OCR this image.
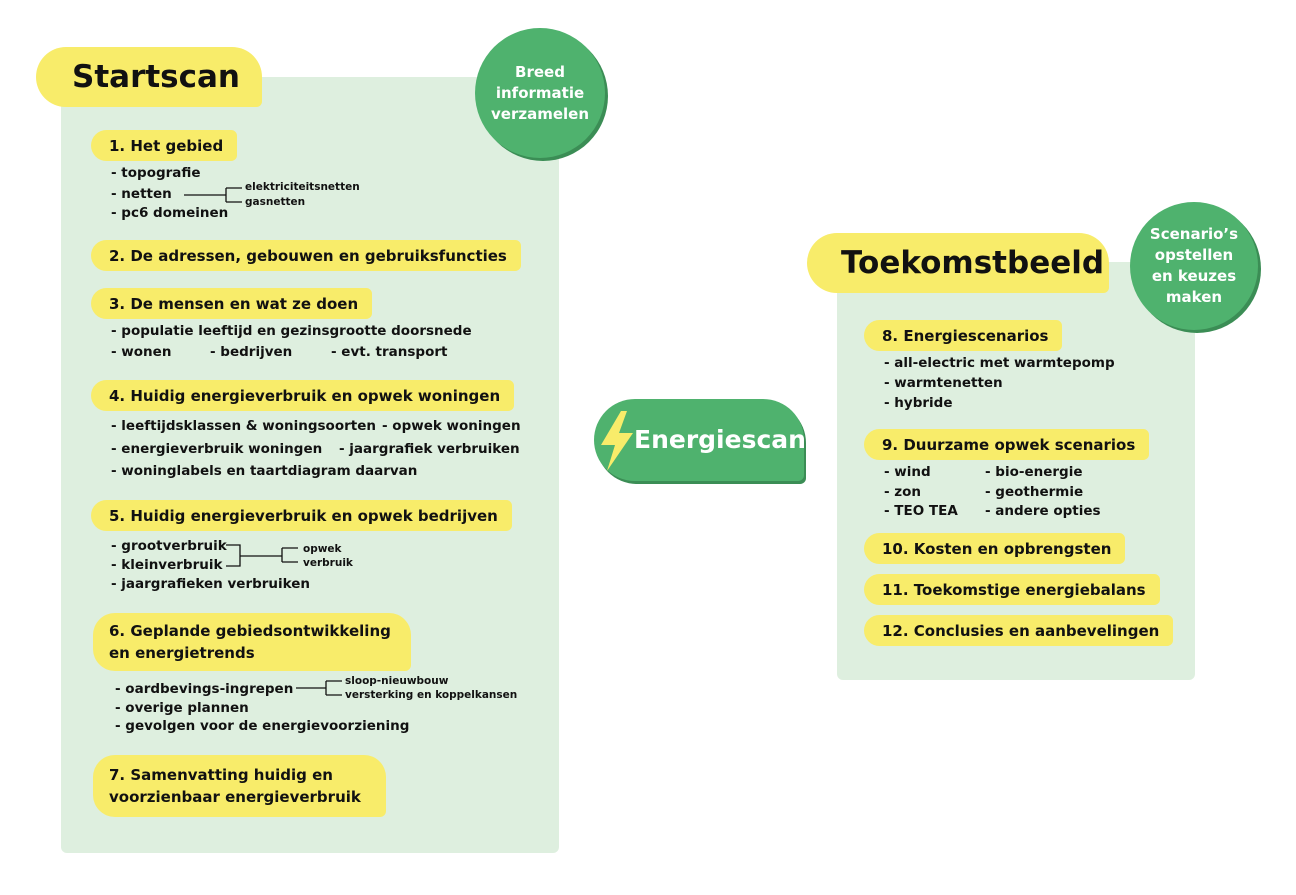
Startscan	Breed
informatie
verzamelen
1. Het gebied
- topografie
- netten
- pc6 domeinen
elektriciteitsnetten
gasnetten
2. De adressen, gebouwen en gebruiksfuncties
3. De mensen en wat ze doen
- populatie leeftijd en gezinsgrootte doorsnede
- wonen	- bedrijven	- evt. transport
4. Huidig energieverbruik en opwek woningen
- leeftijdsklassen & woningsoorten - opwek woningen
- energieverbruik woningen - jaargrafiek verbruiken
- woninglabels en taartdiagram daarvan
5. Huidig energieverbruik en opwek bedrijven
- grootverbruik
- kleinverbruik
- jaargrafieken verbruiken
opwek
verbruik
6. Geplande gebiedsontwikkeling
en energietrends
- oardbevings-ingrepen
- overige plannen
- gevolgen voor de energievoorziening
sloop-nieuwbouw
versterking en koppelkansen
7. Samenvatting huidig en
voorzienbaar energieverbruik
Energiescan
Toekomstbeeld
Scenario’s
opstellen
en keuzes
maken
8. Energiescenarios
- all-electric met warmtepomp
- warmtenetten
- hybride
9. Duurzame opwek scenarios
- wind
- zon
- TEO TEA
- bio-energie
- geothermie
- andere opties
10. Kosten en opbrengsten
11. Toekomstige energiebalans
12. Conclusies en aanbevelingen
